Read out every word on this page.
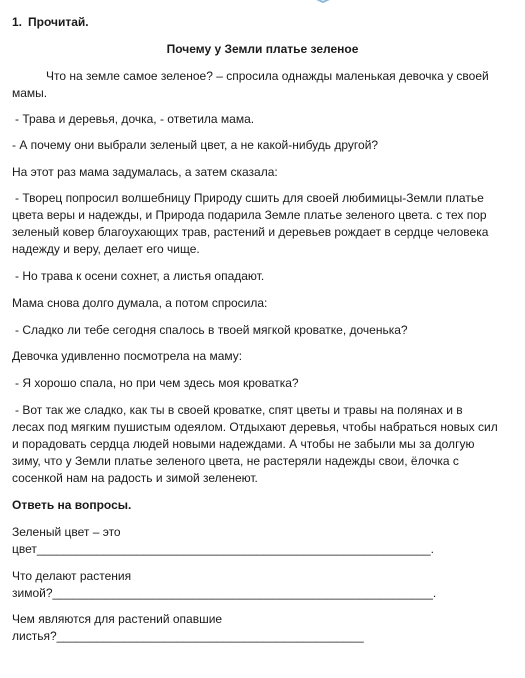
1. Прочитай.
Почему у Земли платье зеленое

Что на земле самое зеленое? – спросила однажды маленькая девочка у своей мамы.

- Трава и деревья, дочка, - ответила мама.

- А почему они выбрали зеленый цвет, а не какой-нибудь другой?

На этот раз мама задумалась, а затем сказала:

- Творец попросил волшебницу Природу сшить для своей любимицы-Земли платье цвета веры и надежды, и Природа подарила Земле платье зеленого цвета. с тех пор зеленый ковер благоухающих трав, растений и деревьев рождает в сердце человека надежду и веру, делает его чище.

- Но трава к осени сохнет, а листья опадают.

Мама снова долго думала, а потом спросила:

- Сладко ли тебе сегодня спалось в твоей мягкой кроватке, доченька?

Девочка удивленно посмотрела на маму:

- Я хорошо спала, но при чем здесь моя кроватка?

- Вот так же сладко, как ты в своей кроватке, спят цветы и травы на полянах и в лесах под мягким пушистым одеялом. Отдыхают деревья, чтобы набраться новых сил и порадовать сердца людей новыми надеждами. А чтобы не забыли мы за долгую зиму, что у Земли платье зеленого цвета, не растеряли надежды свои, ёлочка с сосенкой нам на радость и зимой зеленеют.

Ответь на вопросы.
Зеленый цвет – это
цвет___________________________________________________________.
Что делают растения
зимой?_________________________________________________________.
Чем являются для растений опавшие
листья?______________________________________________
